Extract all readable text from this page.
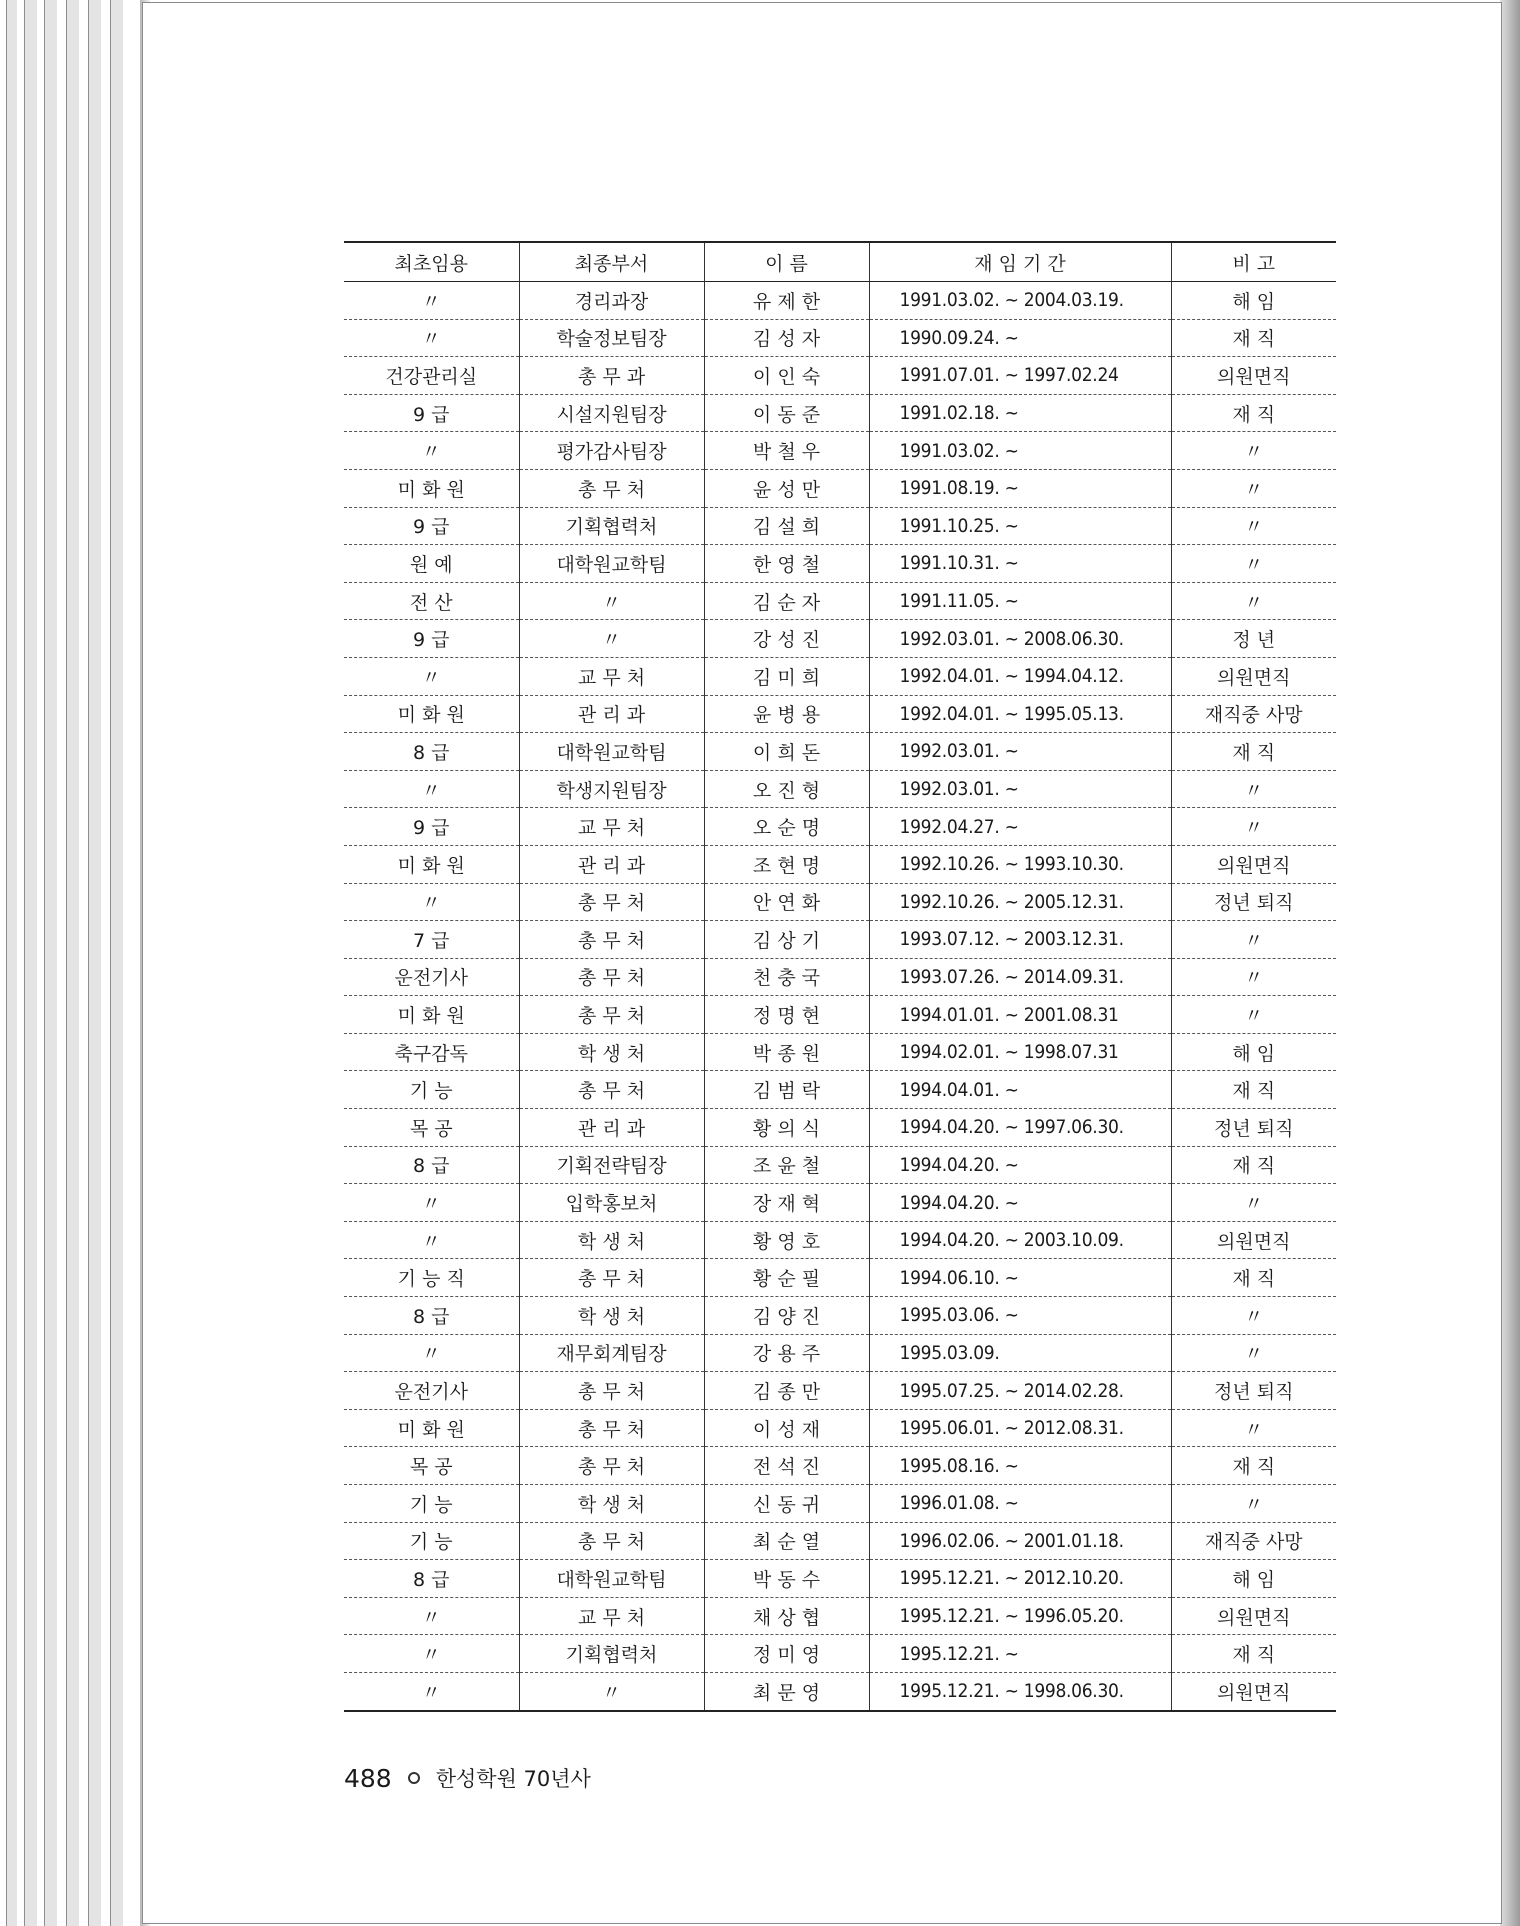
최초임용	최종부서	이 름	재 임 기 간	비 고
〃	경리과장	유 제 한	1991.03.02. ~ 2004.03.19.	해 임
〃	학술정보팀장	김 성 자	1990.09.24. ~	재 직
건강관리실	총 무 과	이 인 숙	1991.07.01. ~ 1997.02.24	의원면직
9 급	시설지원팀장	이 동 준	1991.02.18. ~	재 직
〃	평가감사팀장	박 철 우	1991.03.02. ~	〃
미 화 원	총 무 처	윤 성 만	1991.08.19. ~	〃
9 급	기획협력처	김 설 희	1991.10.25. ~	〃
원 예	대학원교학팀	한 영 철	1991.10.31. ~	〃
전 산	〃	김 순 자	1991.11.05. ~	〃
9 급	〃	강 성 진	1992.03.01. ~ 2008.06.30.	정 년
〃	교 무 처	김 미 희	1992.04.01. ~ 1994.04.12.	의원면직
미 화 원	관 리 과	윤 병 용	1992.04.01. ~ 1995.05.13.	재직중 사망
8 급	대학원교학팀	이 희 돈	1992.03.01. ~	재 직
〃	학생지원팀장	오 진 형	1992.03.01. ~	〃
9 급	교 무 처	오 순 명	1992.04.27. ~	〃
미 화 원	관 리 과	조 현 명	1992.10.26. ~ 1993.10.30.	의원면직
〃	총 무 처	안 연 화	1992.10.26. ~ 2005.12.31.	정년 퇴직
7 급	총 무 처	김 상 기	1993.07.12. ~ 2003.12.31.	〃
운전기사	총 무 처	천 충 국	1993.07.26. ~ 2014.09.31.	〃
미 화 원	총 무 처	정 명 현	1994.01.01. ~ 2001.08.31	〃
축구감독	학 생 처	박 종 원	1994.02.01. ~ 1998.07.31	해 임
기 능	총 무 처	김 범 락	1994.04.01. ~	재 직
목 공	관 리 과	황 의 식	1994.04.20. ~ 1997.06.30.	정년 퇴직
8 급	기획전략팀장	조 윤 철	1994.04.20. ~	재 직
〃	입학홍보처	장 재 혁	1994.04.20. ~	〃
〃	학 생 처	황 영 호	1994.04.20. ~ 2003.10.09.	의원면직
기 능 직	총 무 처	황 순 필	1994.06.10. ~	재 직
8 급	학 생 처	김 양 진	1995.03.06. ~	〃
〃	재무회계팀장	강 용 주	1995.03.09.	〃
운전기사	총 무 처	김 종 만	1995.07.25. ~ 2014.02.28.	정년 퇴직
미 화 원	총 무 처	이 성 재	1995.06.01. ~ 2012.08.31.	〃
목 공	총 무 처	전 석 진	1995.08.16. ~	재 직
기 능	학 생 처	신 동 귀	1996.01.08. ~	〃
기 능	총 무 처	최 순 열	1996.02.06. ~ 2001.01.18.	재직중 사망
8 급	대학원교학팀	박 동 수	1995.12.21. ~ 2012.10.20.	해 임
〃	교 무 처	채 상 협	1995.12.21. ~ 1996.05.20.	의원면직
〃	기획협력처	정 미 영	1995.12.21. ~	재 직
〃	〃	최 문 영	1995.12.21. ~ 1998.06.30.	의원면직
488 한성학원 70년사
